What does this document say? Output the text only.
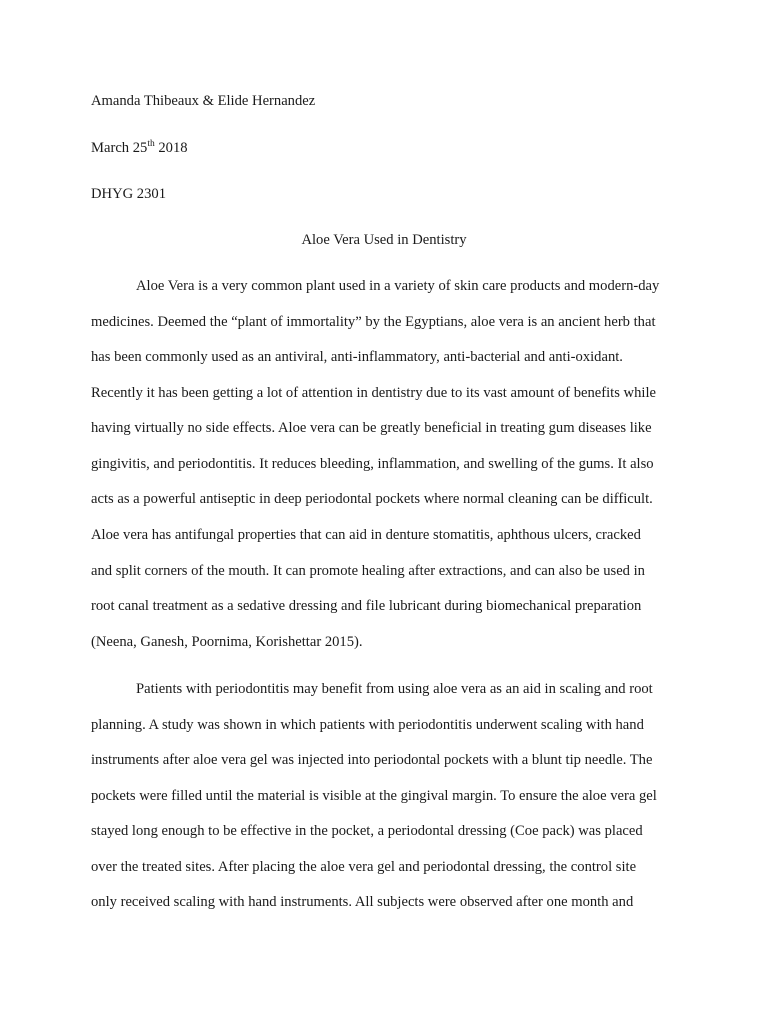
Amanda Thibeaux & Elide Hernandez
March 25th 2018
DHYG 2301
Aloe Vera Used in Dentistry
Aloe Vera is a very common plant used in a variety of skin care products and modern-day
medicines. Deemed the “plant of immortality” by the Egyptians, aloe vera is an ancient herb that
has been commonly used as an antiviral, anti-inflammatory, anti-bacterial and anti-oxidant.
Recently it has been getting a lot of attention in dentistry due to its vast amount of benefits while
having virtually no side effects. Aloe vera can be greatly beneficial in treating gum diseases like
gingivitis, and periodontitis. It reduces bleeding, inflammation, and swelling of the gums. It also
acts as a powerful antiseptic in deep periodontal pockets where normal cleaning can be difficult.
Aloe vera has antifungal properties that can aid in denture stomatitis, aphthous ulcers, cracked
and split corners of the mouth. It can promote healing after extractions, and can also be used in
root canal treatment as a sedative dressing and file lubricant during biomechanical preparation
(Neena, Ganesh, Poornima, Korishettar 2015).
Patients with periodontitis may benefit from using aloe vera as an aid in scaling and root
planning. A study was shown in which patients with periodontitis underwent scaling with hand
instruments after aloe vera gel was injected into periodontal pockets with a blunt tip needle. The
pockets were filled until the material is visible at the gingival margin. To ensure the aloe vera gel
stayed long enough to be effective in the pocket, a periodontal dressing (Coe pack) was placed
over the treated sites. After placing the aloe vera gel and periodontal dressing, the control site
only received scaling with hand instruments. All subjects were observed after one month and
